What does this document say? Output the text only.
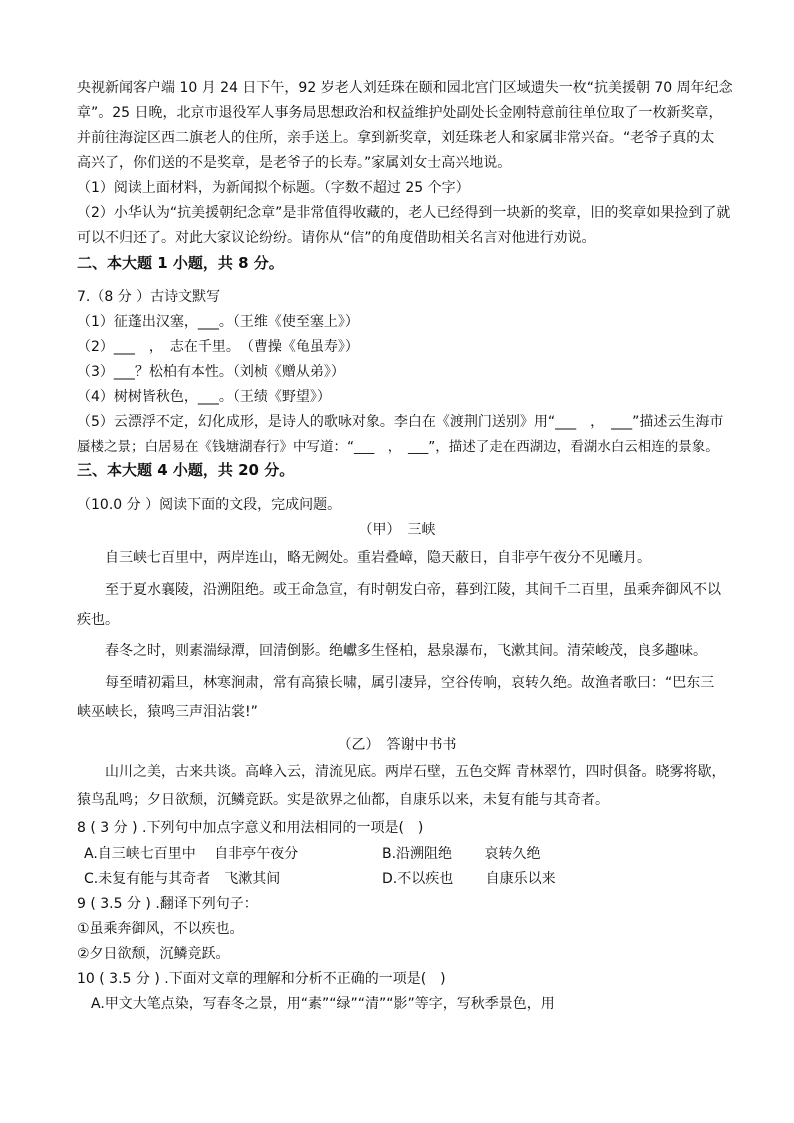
央视新闻客户端 10 月 24 日下午，92 岁老人刘廷珠在颐和园北宫门区域遗失一枚“抗美援朝 70 周年纪念
章”。25 日晚，北京市退役军人事务局思想政治和权益维护处副处长金刚特意前往单位取了一枚新奖章，
并前往海淀区西二旗老人的住所，亲手送上。拿到新奖章，刘廷珠老人和家属非常兴奋。“老爷子真的太
高兴了，你们送的不是奖章，是老爷子的长寿。”家属刘女士高兴地说。
（1）阅读上面材料，为新闻拟个标题。（字数不超过 25 个字）
（2）小华认为“抗美援朝纪念章”是非常值得收藏的，老人已经得到一块新的奖章，旧的奖章如果捡到了就
可以不归还了。对此大家议论纷纷。请你从“信”的角度借助相关名言对他进行劝说。
二、本大题 1 小题，共 8 分。
7.（8 分 ）古诗文默写
（1）征蓬出汉塞，___。（王维《使至塞上》）
（2）___　，　志在千里。　（曹操《龟虽寿》）
（3）___？松柏有本性。（刘桢《赠从弟》）
（4）树树皆秋色，___。（王绩《野望》）
（5）云漂浮不定，幻化成形，是诗人的歌咏对象。李白在《渡荆门送别》用“___　，　___”描述云生海市
蜃楼之景；白居易在《钱塘湖春行》中写道：“___　，　___”，描述了走在西湖边，看湖水白云相连的景象。
三、本大题 4 小题，共 20 分。
（10.0 分 ）阅读下面的文段，完成问题。
（甲）　三峡
　　自三峡七百里中，两岸连山，略无阙处。重岩叠嶂，隐天蔽日，自非亭午夜分不见曦月。
　　至于夏水襄陵，沿溯阻绝。或王命急宣，有时朝发白帝，暮到江陵，其间千二百里，虽乘奔御风不以
疾也。
　　春冬之时，则素湍绿潭，回清倒影。绝巘多生怪柏，悬泉瀑布，飞漱其间。清荣峻茂，良多趣味。
　　每至晴初霜旦，林寒涧肃，常有高猿长啸，属引凄异，空谷传响，哀转久绝。故渔者歌曰：“巴东三
峡巫峡长，猿鸣三声泪沾裳!”
（乙）　答谢中书书
　　山川之美，古来共谈。高峰入云，清流见底。两岸石壁，五色交辉 青林翠竹，四时俱备。晓雾将歇，
猿鸟乱鸣；夕日欲颓，沉鳞竞跃。实是欲界之仙都，自康乐以来，未复有能与其奇者。
8 ( 3 分 ) .下列句中加点字意义和用法相同的一项是(　)
A.自三峡七百里中　 自非亭午夜分	B.沿溯阻绝　　 哀转久绝
C.未复有能与其奇者　飞漱其间	D.不以疾也　　 自康乐以来
9 ( 3.5 分 ) .翻译下列句子：
①虽乘奔御风，不以疾也。
②夕日欲颓，沉鳞竞跃。
10 ( 3.5 分 ) .下面对文章的理解和分析不正确的一项是(　)
　A.甲文大笔点染，写春冬之景，用“素”“绿”“清”“影”等字，写秋季景色，用
